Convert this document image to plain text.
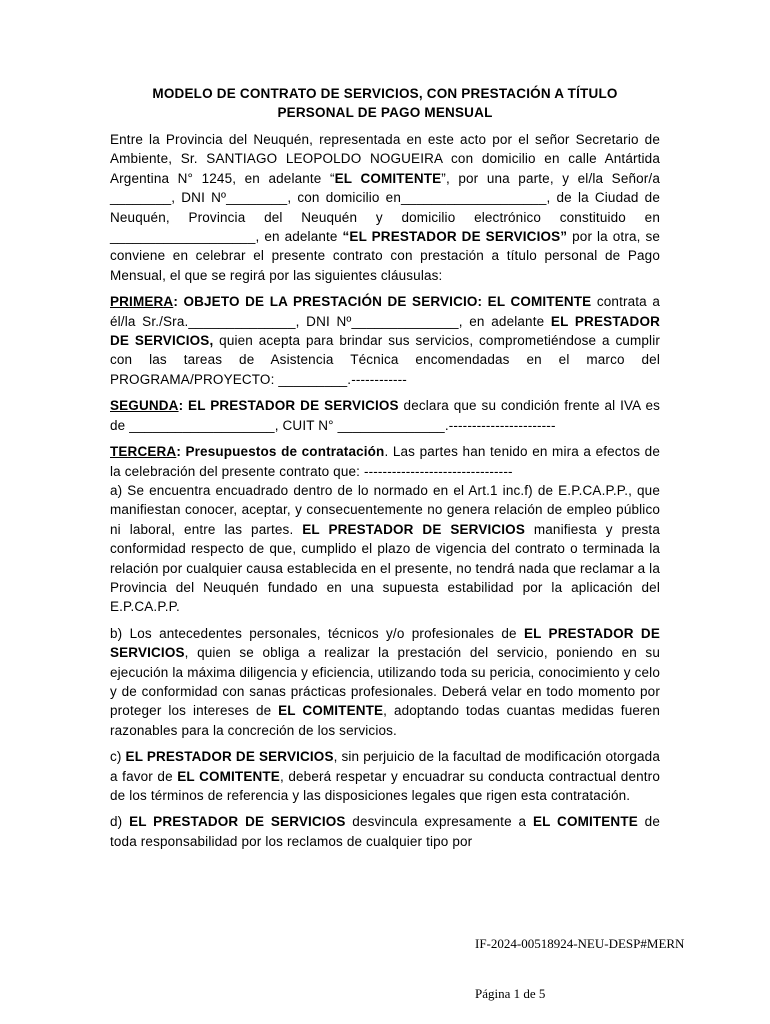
MODELO DE CONTRATO DE SERVICIOS, CON PRESTACIÓN A TÍTULO
PERSONAL DE PAGO MENSUAL

Entre la Provincia del Neuquén, representada en este acto por el señor Secretario de Ambiente, Sr. SANTIAGO LEOPOLDO NOGUEIRA con domicilio en calle Antártida Argentina N° 1245, en adelante “EL COMITENTE”, por una parte, y el/la Señor/a ________, DNI Nº________, con domicilio en___________________, de la Ciudad de Neuquén, Provincia del Neuquén y domicilio electrónico constituido en ___________________, en adelante “EL PRESTADOR DE SERVICIOS” por la otra, se conviene en celebrar el presente contrato con prestación a título personal de Pago Mensual, el que se regirá por las siguientes cláusulas:

PRIMERA: OBJETO DE LA PRESTACIÓN DE SERVICIO: EL COMITENTE contrata a él/la Sr./Sra.______________, DNI Nº______________, en adelante EL PRESTADOR DE SERVICIOS, quien acepta para brindar sus servicios, comprometiéndose a cumplir con las tareas de Asistencia Técnica encomendadas en el marco del PROGRAMA/PROYECTO: _________.------------

SEGUNDA: EL PRESTADOR DE SERVICIOS declara que su condición frente al IVA es de ___________________, CUIT N° ______________.-----------------------

TERCERA: Presupuestos de contratación. Las partes han tenido en mira a efectos de la celebración del presente contrato que: --------------------------------
a) Se encuentra encuadrado dentro de lo normado en el Art.1 inc.f) de E.P.CA.P.P., que manifiestan conocer, aceptar, y consecuentemente no genera relación de empleo público ni laboral, entre las partes. EL PRESTADOR DE SERVICIOS manifiesta y presta conformidad respecto de que, cumplido el plazo de vigencia del contrato o terminada la relación por cualquier causa establecida en el presente, no tendrá nada que reclamar a la Provincia del Neuquén fundado en una supuesta estabilidad por la aplicación del E.P.CA.P.P.

b) Los antecedentes personales, técnicos y/o profesionales de EL PRESTADOR DE SERVICIOS, quien se obliga a realizar la prestación del servicio, poniendo en su ejecución la máxima diligencia y eficiencia, utilizando toda su pericia, conocimiento y celo y de conformidad con sanas prácticas profesionales. Deberá velar en todo momento por proteger los intereses de EL COMITENTE, adoptando todas cuantas medidas fueren razonables para la concreción de los servicios.

c) EL PRESTADOR DE SERVICIOS, sin perjuicio de la facultad de modificación otorgada a favor de EL COMITENTE, deberá respetar y encuadrar su conducta contractual dentro de los términos de referencia y las disposiciones legales que rigen esta contratación.

d) EL PRESTADOR DE SERVICIOS desvincula expresamente a EL COMITENTE de toda responsabilidad por los reclamos de cualquier tipo por

IF-2024-00518924-NEU-DESP#MERN
Página 1 de 5
